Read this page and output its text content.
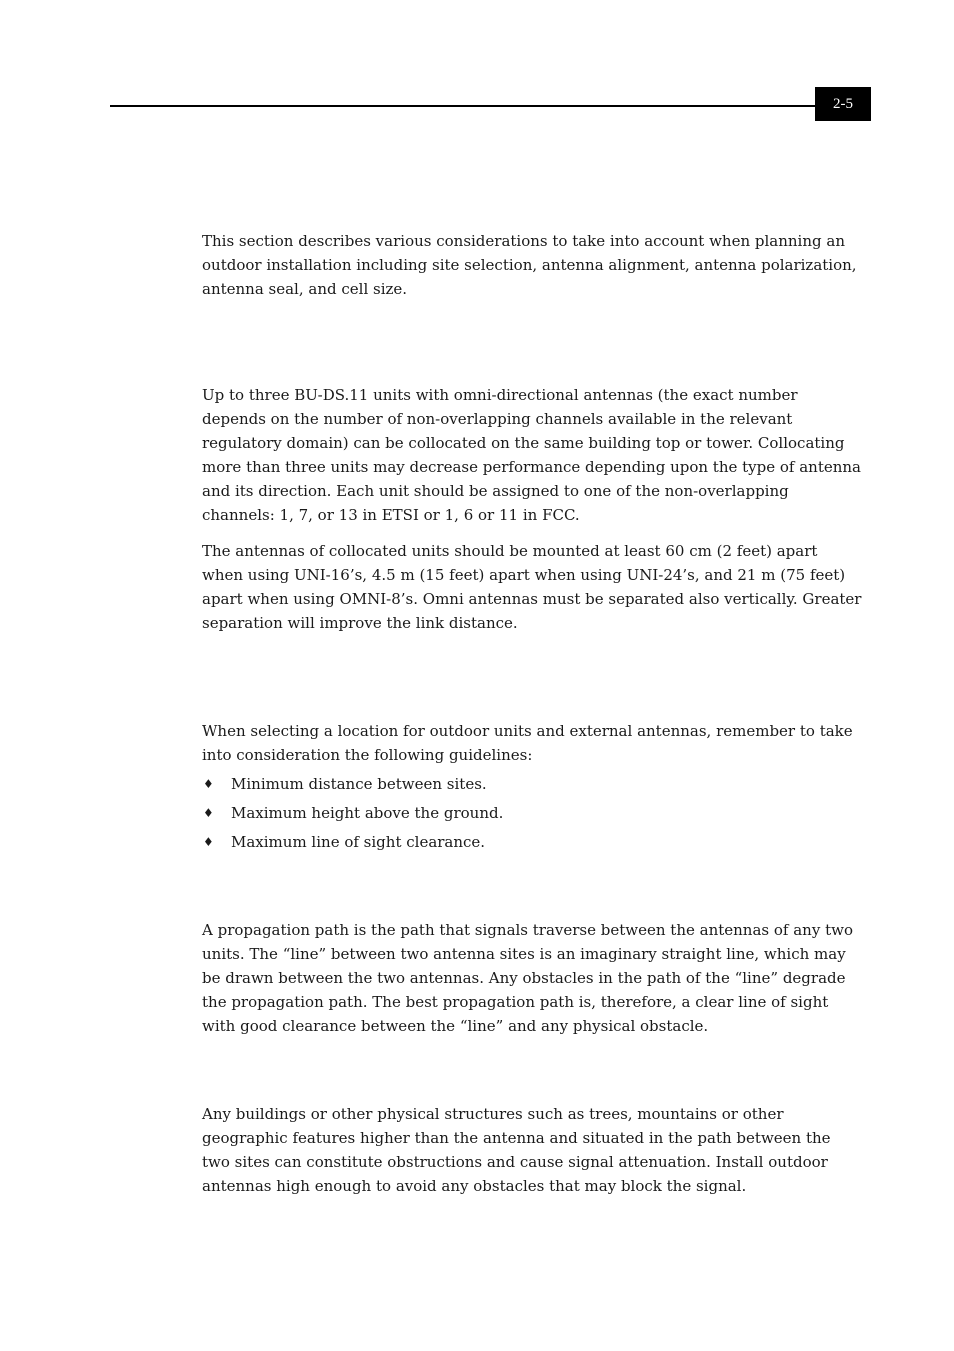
2-5

This section describes various considerations to take into account when planning an outdoor installation including site selection, antenna alignment, antenna polarization, antenna seal, and cell size.

Up to three BU-DS.11 units with omni-directional antennas (the exact number depends on the number of non-overlapping channels available in the relevant regulatory domain) can be collocated on the same building top or tower. Collocating more than three units may decrease performance depending upon the type of antenna and its direction. Each unit should be assigned to one of the non-overlapping channels: 1, 7, or 13 in ETSI or 1, 6 or 11 in FCC.

The antennas of collocated units should be mounted at least 60 cm (2 feet) apart when using UNI-16’s, 4.5 m (15 feet) apart when using UNI-24’s, and 21 m (75 feet) apart when using OMNI-8’s. Omni antennas must be separated also vertically. Greater separation will improve the link distance.

When selecting a location for outdoor units and external antennas, remember to take into consideration the following guidelines:

♦ Minimum distance between sites.
♦ Maximum height above the ground.
♦ Maximum line of sight clearance.

A propagation path is the path that signals traverse between the antennas of any two units. The “line” between two antenna sites is an imaginary straight line, which may be drawn between the two antennas. Any obstacles in the path of the “line” degrade the propagation path. The best propagation path is, therefore, a clear line of sight with good clearance between the “line” and any physical obstacle.

Any buildings or other physical structures such as trees, mountains or other geographic features higher than the antenna and situated in the path between the two sites can constitute obstructions and cause signal attenuation. Install outdoor antennas high enough to avoid any obstacles that may block the signal.
